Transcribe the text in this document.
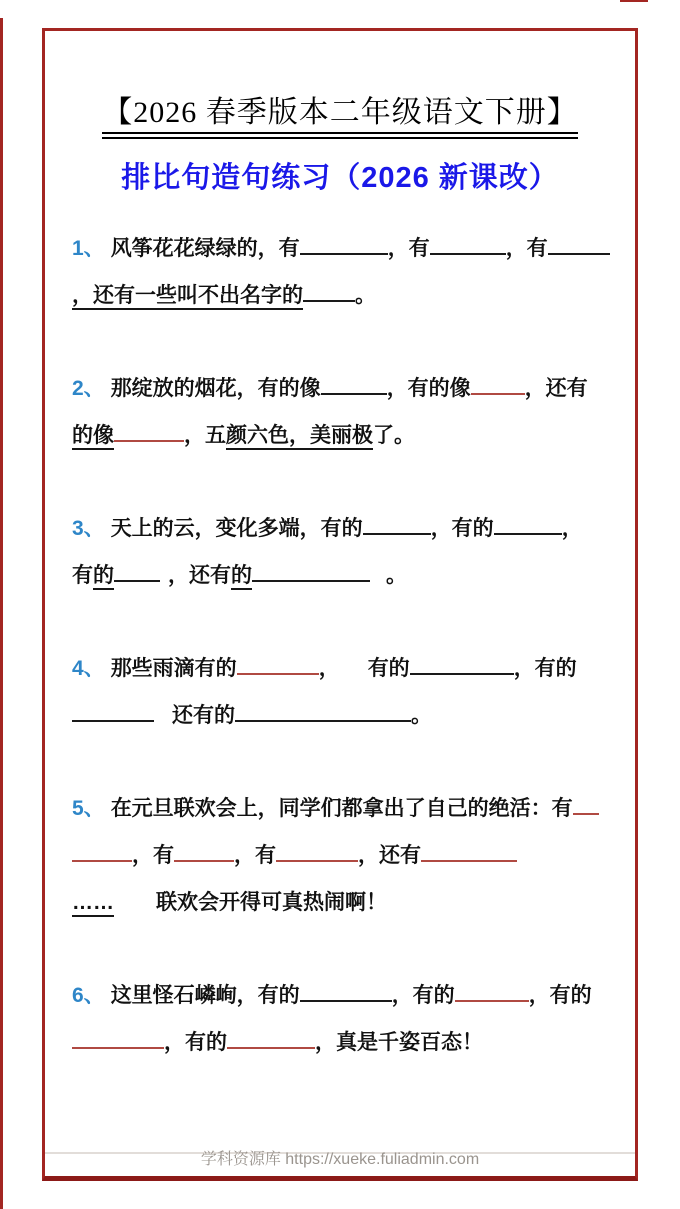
【2026 春季版本二年级语文下册】
排比句造句练习（2026 新课改）
1、 风筝花花绿绿的，有	，有	，有
，还有一些叫不出名字的 。
2、 那绽放的烟花，有的像	，有的像	，还有
的像	，五颜六色，美丽极了。
3、 天上的云，变化多端，有的	，有的	，
有的	，还有的	。
4、 那些雨滴有的	， 有的	，有的
还有的	。
5、 在元旦联欢会上，同学们都拿出了自己的绝活：有
，有	，有	，还有
…… 联欢会开得可真热闹啊！
6、 这里怪石嶙峋，有的	，有的	，有的
，有的	，真是千姿百态！
学科资源库 https://xueke.fuliadmin.com
